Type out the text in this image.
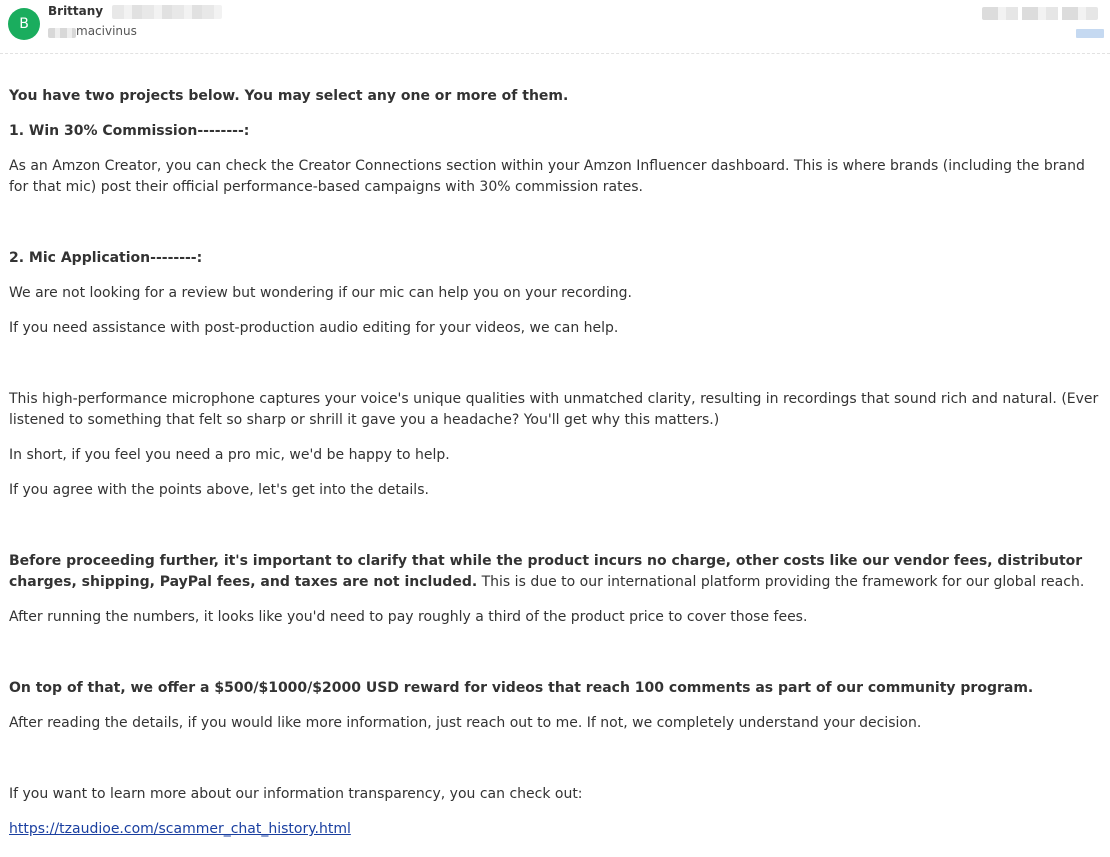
B
Brittany
macivinus
You have two projects below. You may select any one or more of them.
1. Win 30% Commission--------:
As an Amzon Creator, you can check the Creator Connections section within your Amzon Influencer dashboard. This is where brands (including the brand for that mic) post their official performance-based campaigns with 30% commission rates.
2. Mic Application--------:
We are not looking for a review but wondering if our mic can help you on your recording.
If you need assistance with post-production audio editing for your videos, we can help.
This high-performance microphone captures your voice's unique qualities with unmatched clarity, resulting in recordings that sound rich and natural. (Ever listened to something that felt so sharp or shrill it gave you a headache? You'll get why this matters.)
In short, if you feel you need a pro mic, we'd be happy to help.
If you agree with the points above, let's get into the details.
Before proceeding further, it's important to clarify that while the product incurs no charge, other costs like our vendor fees, distributor charges, shipping, PayPal fees, and taxes are not included. This is due to our international platform providing the framework for our global reach.
After running the numbers, it looks like you'd need to pay roughly a third of the product price to cover those fees.
On top of that, we offer a $500/$1000/$2000 USD reward for videos that reach 100 comments as part of our community program.
After reading the details, if you would like more information, just reach out to me. If not, we completely understand your decision.
If you want to learn more about our information transparency, you can check out:
https://tzaudioe.com/scammer_chat_history.html
